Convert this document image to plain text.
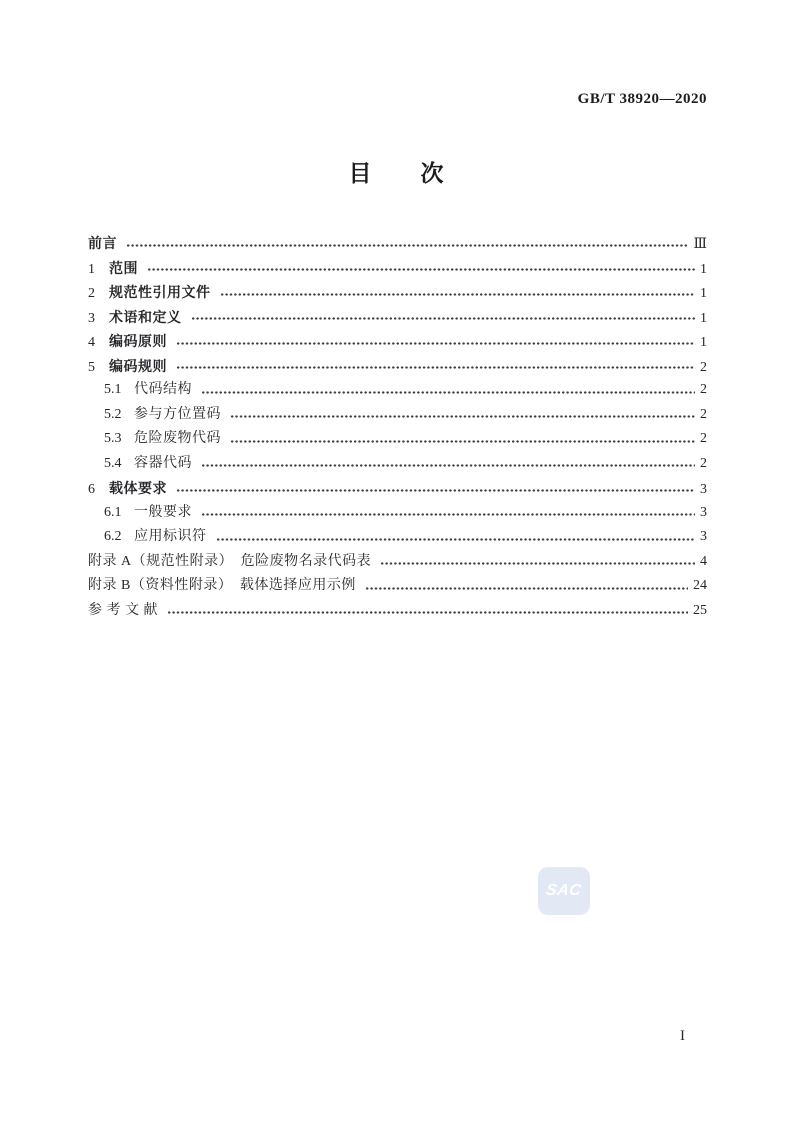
GB/T 38920—2020
目　　次
前言	Ⅲ
1	范围	1
2	规范性引用文件	1
3	术语和定义	1
4	编码原则	1
5	编码规则	2
5.1 代码结构	2
5.2 参与方位置码	2
5.3 危险废物代码	2
5.4 容器代码	2
6	载体要求	3
6.1 一般要求	3
6.2 应用标识符	3
附录 A（规范性附录）　危险废物名录代码表	4
附录 B（资料性附录）　载体选择应用示例	24
参 考 文 献	25
SAC
I
